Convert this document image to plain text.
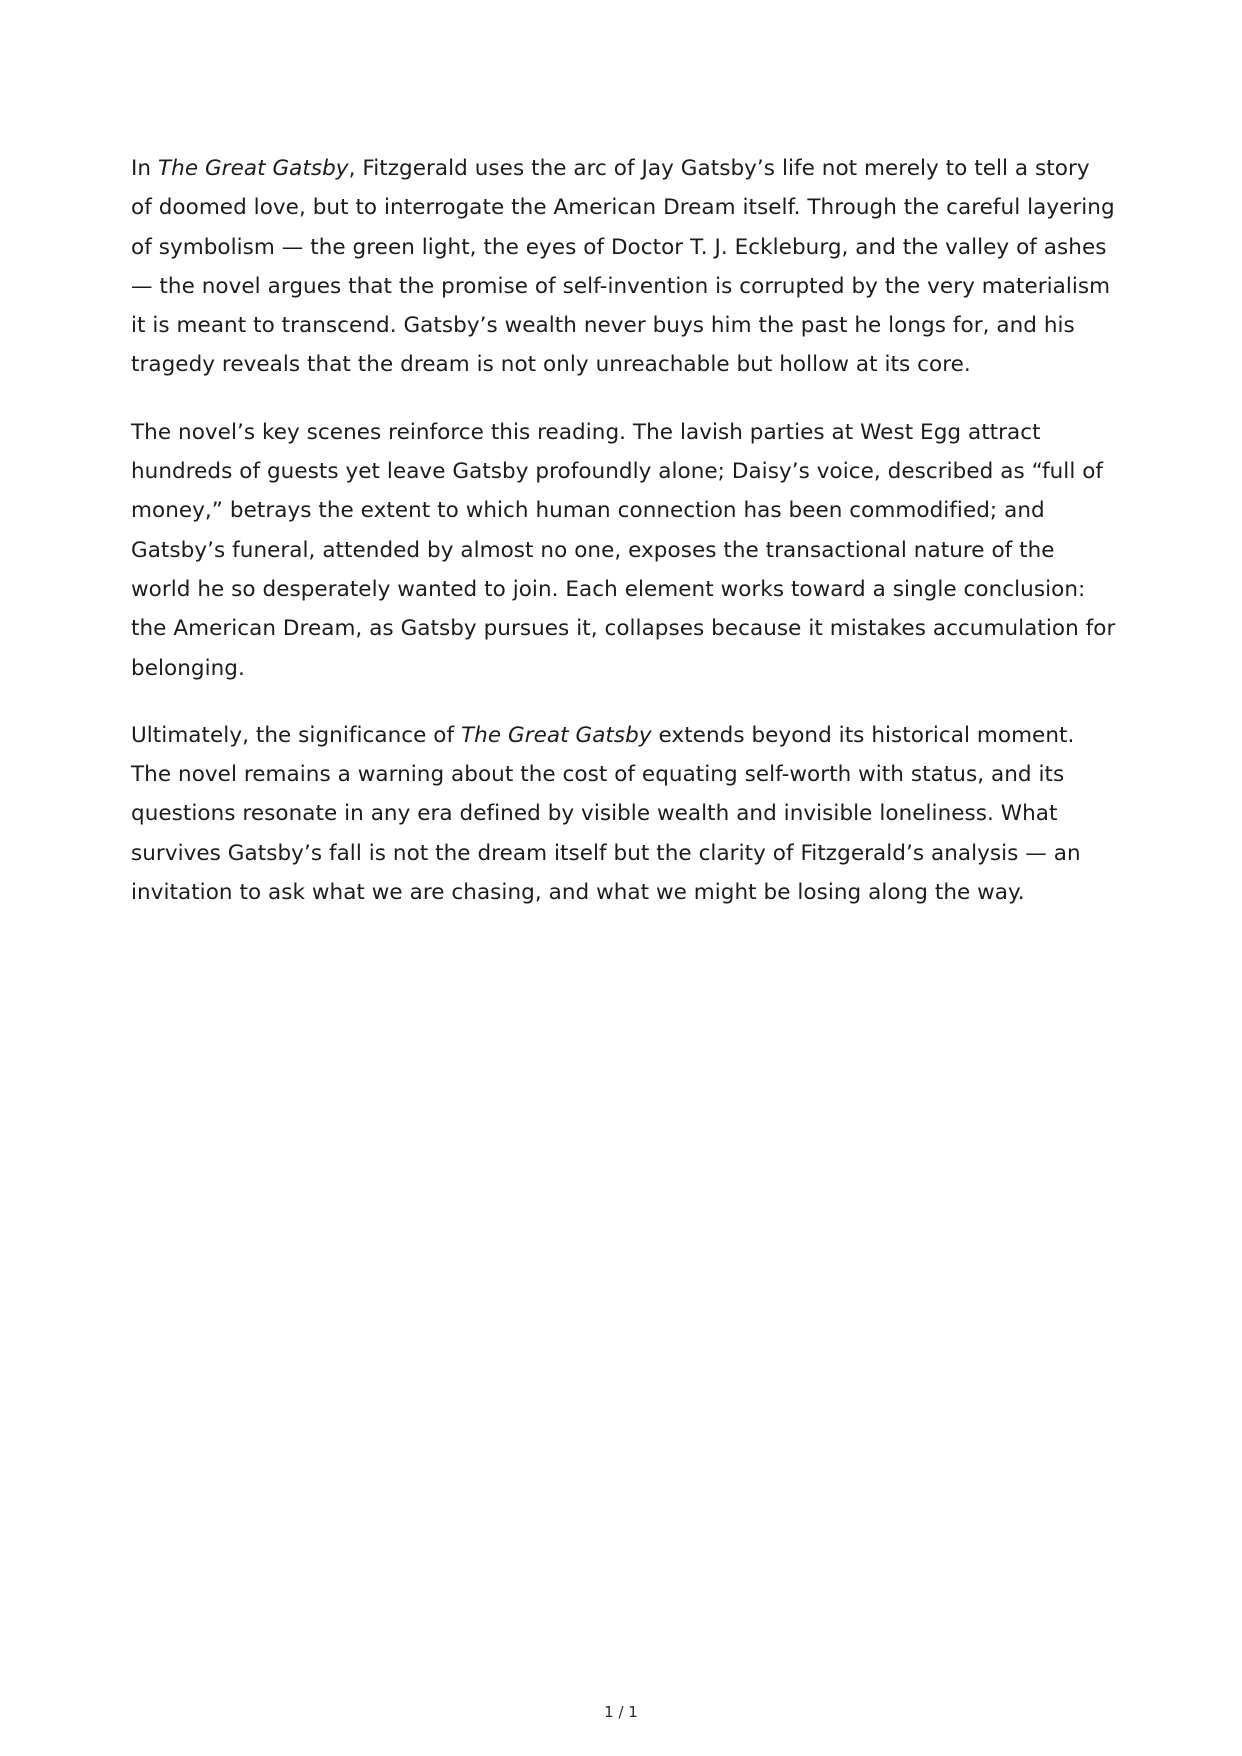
In The Great Gatsby, Fitzgerald uses the arc of Jay Gatsby’s life not merely to tell a story of doomed love, but to interrogate the American Dream itself. Through the careful layering of symbolism — the green light, the eyes of Doctor T. J. Eckleburg, and the valley of ashes — the novel argues that the promise of self-invention is corrupted by the very materialism it is meant to transcend. Gatsby’s wealth never buys him the past he longs for, and his tragedy reveals that the dream is not only unreachable but hollow at its core.

The novel’s key scenes reinforce this reading. The lavish parties at West Egg attract hundreds of guests yet leave Gatsby profoundly alone; Daisy’s voice, described as “full of money,” betrays the extent to which human connection has been commodified; and Gatsby’s funeral, attended by almost no one, exposes the transactional nature of the world he so desperately wanted to join. Each element works toward a single conclusion: the American Dream, as Gatsby pursues it, collapses because it mistakes accumulation for belonging.

Ultimately, the significance of The Great Gatsby extends beyond its historical moment. The novel remains a warning about the cost of equating self-worth with status, and its questions resonate in any era defined by visible wealth and invisible loneliness. What survives Gatsby’s fall is not the dream itself but the clarity of Fitzgerald’s analysis — an invitation to ask what we are chasing, and what we might be losing along the way.

1 / 1
